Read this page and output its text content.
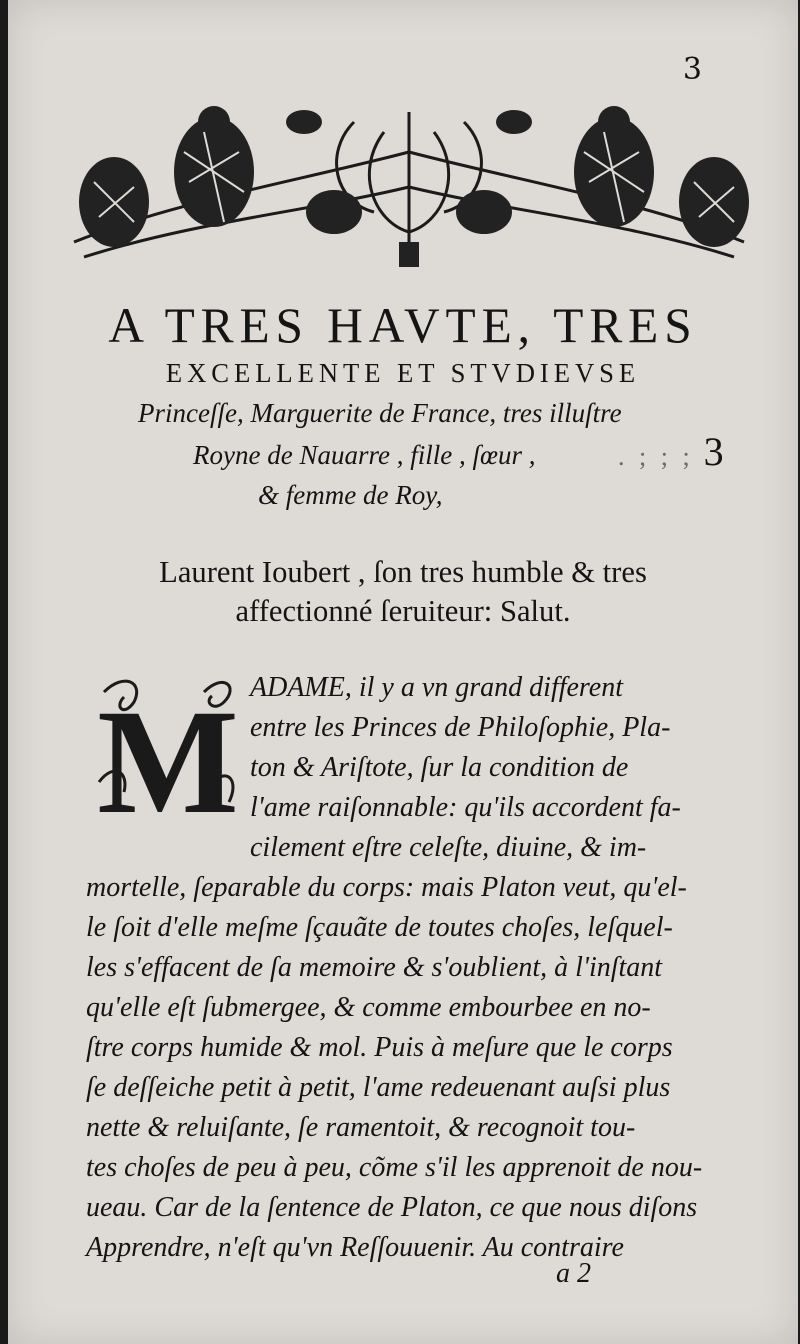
3
A TRES HAVTE, TRES
EXCELLENTE ET STVDIEVSE
Princeſſe, Marguerite de France, tres illuſtre
Royne de Nauarre , fille , ſœur ,
& femme de Roy,
. ; ; ; 3
Laurent Ioubert , ſon tres humble & tres
affectionné ſeruiteur: Salut.
M ADAME, il y a vn grand different
entre les Princes de Philoſophie, Pla-
ton & Ariſtote, ſur la condition de
l'ame raiſonnable: qu'ils accordent fa-
cilement eſtre celeſte, diuine, & im-
mortelle, ſeparable du corps: mais Platon veut, qu'el-
le ſoit d'elle meſme ſçauãte de toutes choſes, leſquel-
les s'effacent de ſa memoire & s'oublient, à l'inſtant
qu'elle eſt ſubmergee, & comme embourbee en no-
ſtre corps humide & mol. Puis à meſure que le corps
ſe deſſeiche petit à petit, l'ame redeuenant auſsi plus
nette & reluiſante, ſe ramentoit, & recognoit tou-
tes choſes de peu à peu, cõme s'il les apprenoit de nou-
ueau. Car de la ſentence de Platon, ce que nous diſons
Apprendre, n'eſt qu'vn Reſſouuenir. Au contraire
a 2
